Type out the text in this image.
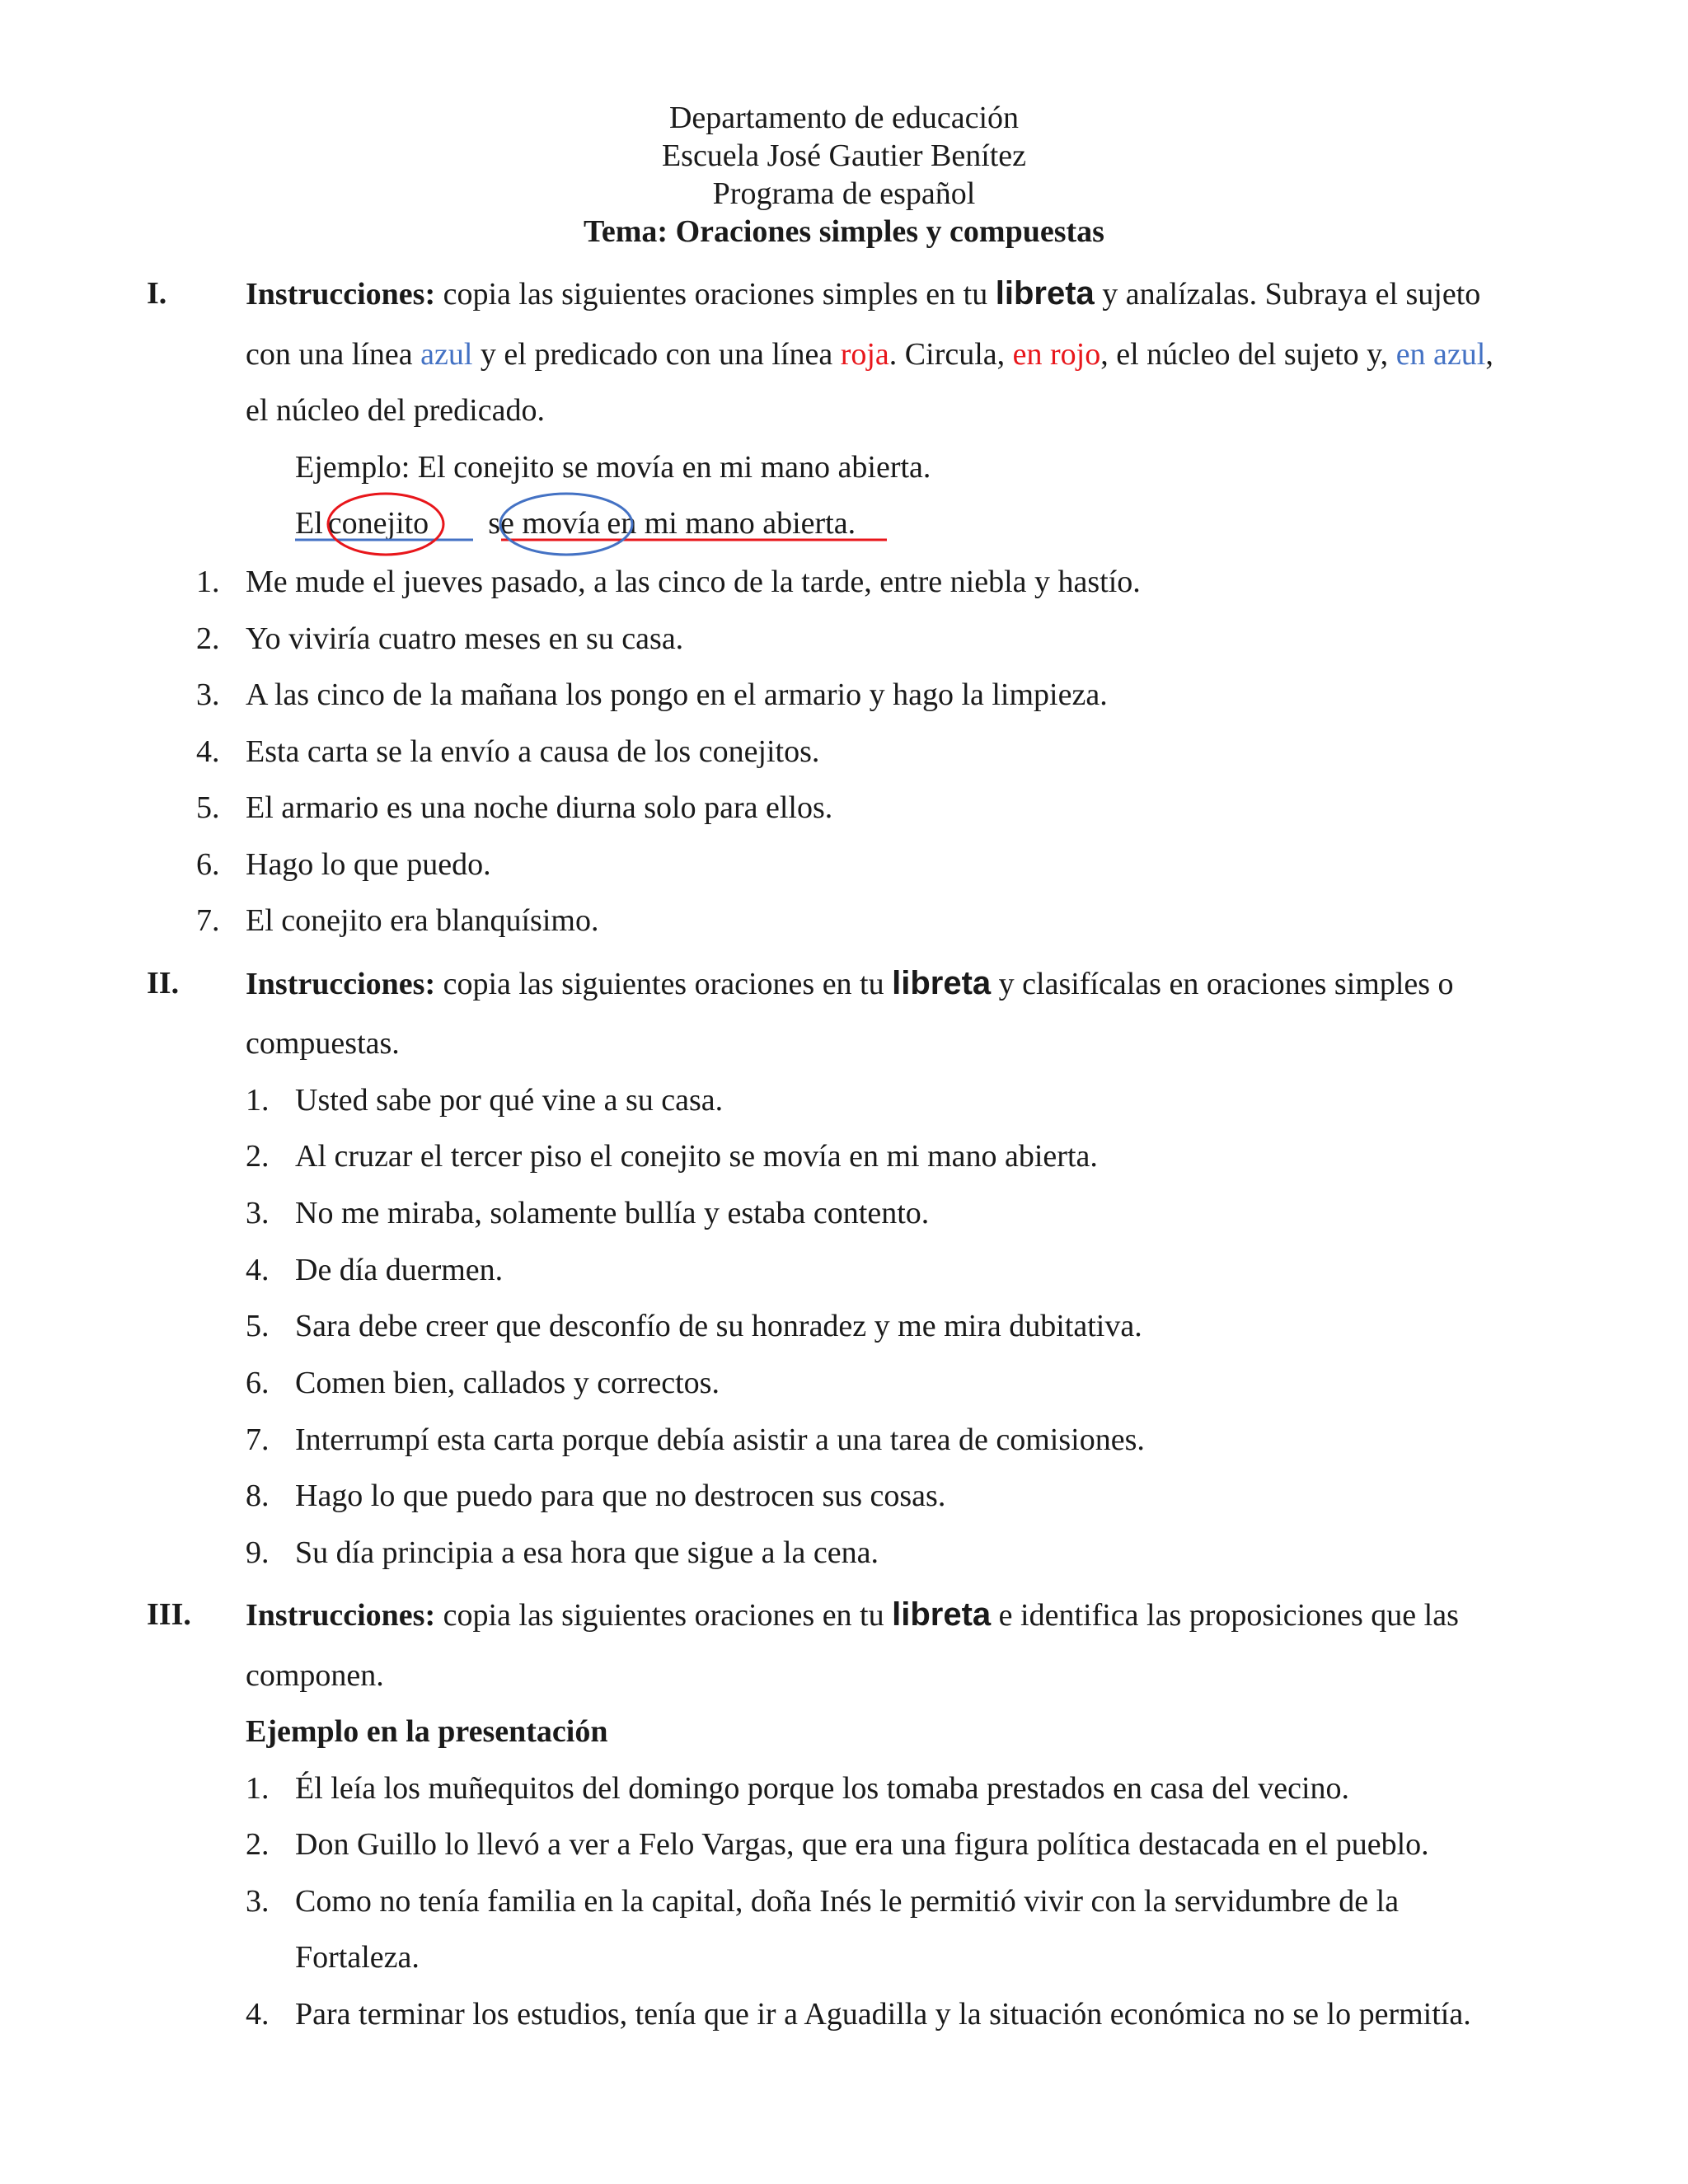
Departamento de educación
Escuela José Gautier Benítez
Programa de español
Tema: Oraciones simples y compuestas
I.	Instrucciones: copia las siguientes oraciones simples en tu libreta y analízalas. Subraya el sujeto
con una línea azul y el predicado con una línea roja. Circula, en rojo, el núcleo del sujeto y, en azul,
el núcleo del predicado.
Ejemplo: El conejito se movía en mi mano abierta.
El conejito se movía en mi mano abierta.
1. Me mude el jueves pasado, a las cinco de la tarde, entre niebla y hastío.
2. Yo viviría cuatro meses en su casa.
3. A las cinco de la mañana los pongo en el armario y hago la limpieza.
4. Esta carta se la envío a causa de los conejitos.
5. El armario es una noche diurna solo para ellos.
6. Hago lo que puedo.
7. El conejito era blanquísimo.
II. Instrucciones: copia las siguientes oraciones en tu libreta y clasifícalas en oraciones simples o
compuestas.
1. Usted sabe por qué vine a su casa.
2. Al cruzar el tercer piso el conejito se movía en mi mano abierta.
3. No me miraba, solamente bullía y estaba contento.
4. De día duermen.
5. Sara debe creer que desconfío de su honradez y me mira dubitativa.
6. Comen bien, callados y correctos.
7. Interrumpí esta carta porque debía asistir a una tarea de comisiones.
8. Hago lo que puedo para que no destrocen sus cosas.
9. Su día principia a esa hora que sigue a la cena.
III. Instrucciones: copia las siguientes oraciones en tu libreta e identifica las proposiciones que las
componen.
Ejemplo en la presentación
1. Él leía los muñequitos del domingo porque los tomaba prestados en casa del vecino.
2. Don Guillo lo llevó a ver a Felo Vargas, que era una figura política destacada en el pueblo.
3. Como no tenía familia en la capital, doña Inés le permitió vivir con la servidumbre de la
Fortaleza.
4. Para terminar los estudios, tenía que ir a Aguadilla y la situación económica no se lo permitía.
